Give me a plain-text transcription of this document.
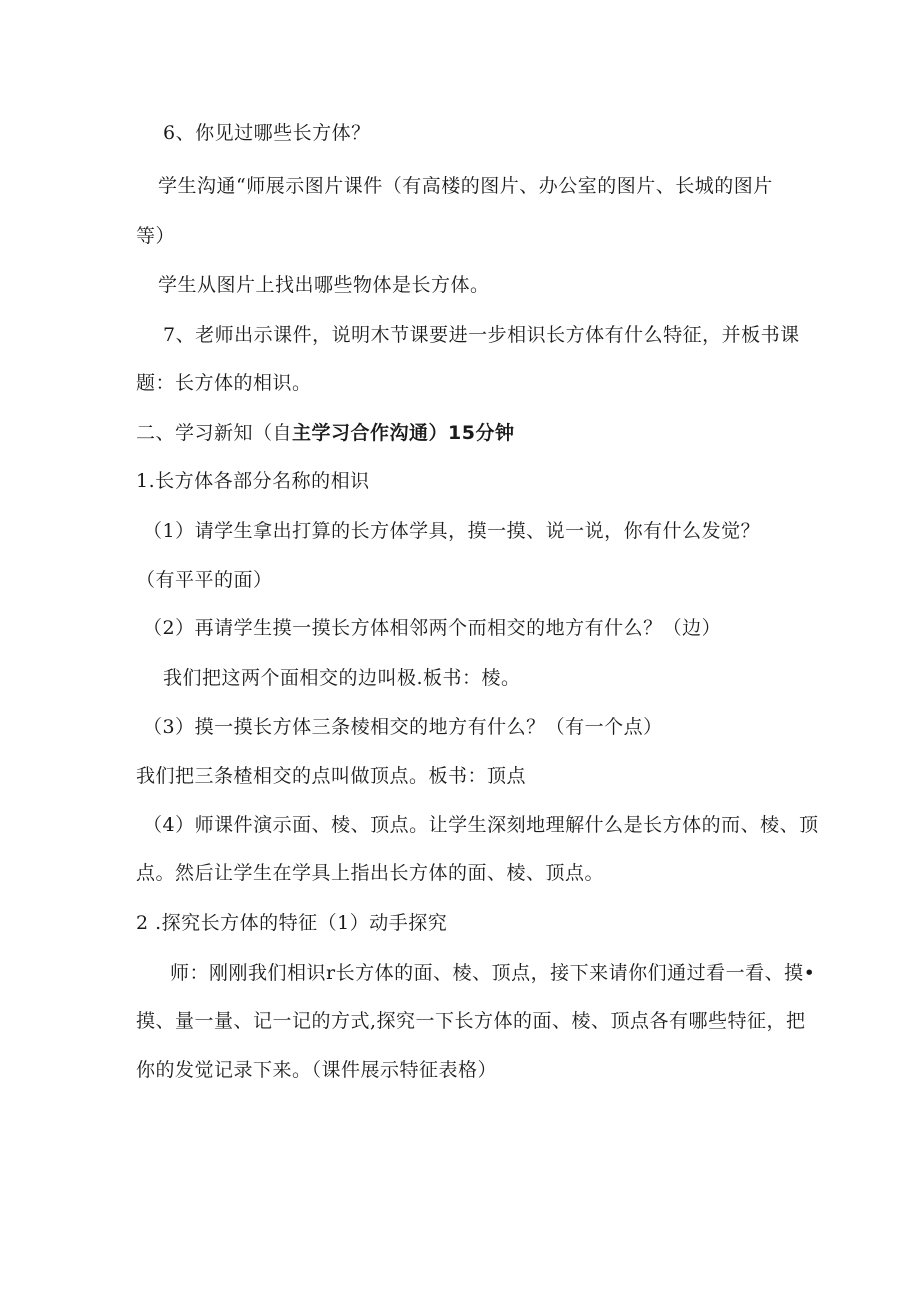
6、你见过哪些长方体？
学生沟通“师展示图片课件（有高楼的图片、办公室的图片、长城的图片
等）
学生从图片上找出哪些物体是长方体。
7、老师出示课件，说明木节课要进一步相识长方体有什么特征，并板书课
题：长方体的相识。
二、学习新知（自主学习合作沟通）15分钟
1.长方体各部分名称的相识
（1）请学生拿出打算的长方体学具，摸一摸、说一说，你有什么发觉？
（有平平的面）
（2）再请学生摸一摸长方体相邻两个而相交的地方有什么？（边）
我们把这两个面相交的边叫极.板书：棱。
（3）摸一摸长方体三条棱相交的地方有什么？（有一个点）
我们把三条楂相交的点叫做顶点。板书：顶点
（4）师课件演示面、棱、顶点。让学生深刻地理解什么是长方体的而、棱、顶
点。然后让学生在学具上指出长方体的面、棱、顶点。
2 .探究长方体的特征（1）动手探究
师：刚刚我们相识r长方体的面、棱、顶点，接下来请你们通过看一看、摸•
摸、量一量、记一记的方式,探究一下长方体的面、棱、顶点各有哪些特征，把
你的发觉记录下来。（课件展示特征表格）
